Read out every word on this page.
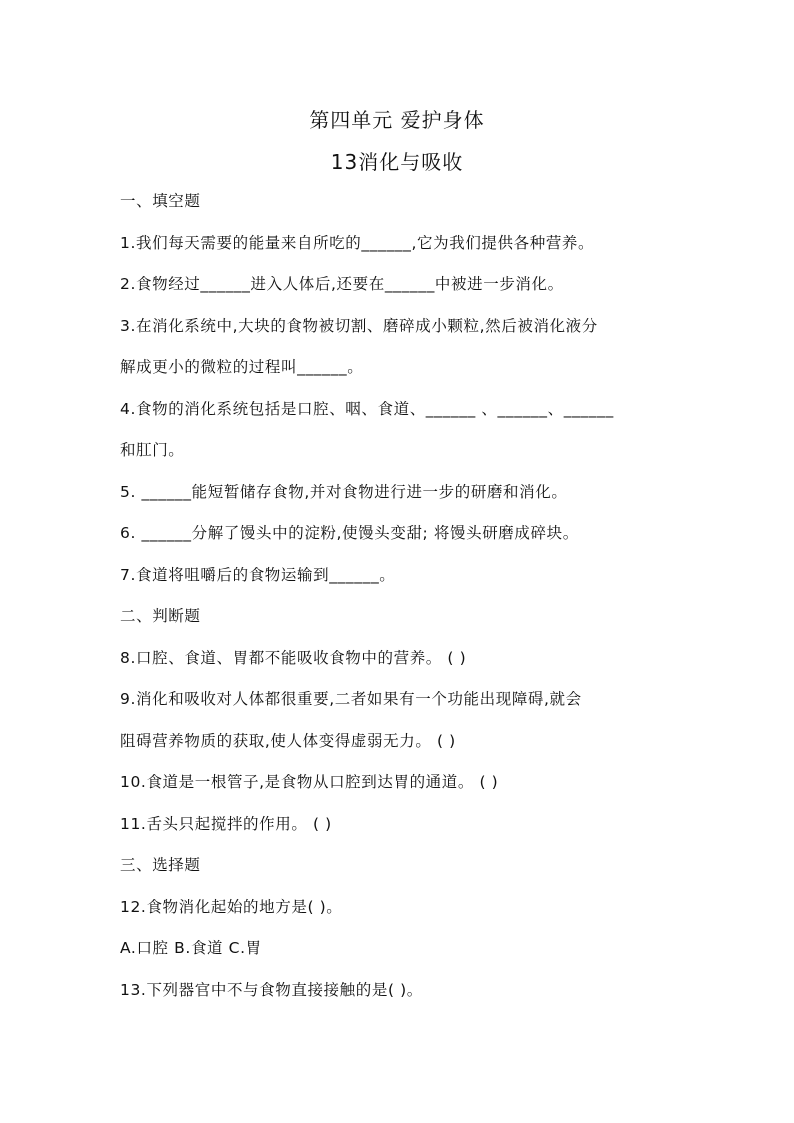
第四单元 爱护身体
13消化与吸收
一、填空题
1.我们每天需要的能量来自所吃的______,它为我们提供各种营养。
2.食物经过______进入人体后,还要在______中被进一步消化。
3.在消化系统中,大块的食物被切割、磨碎成小颗粒,然后被消化液分
解成更小的微粒的过程叫______。
4.食物的消化系统包括是口腔、咽、食道、______ 、______、______
和肛门。
5. ______能短暂储存食物,并对食物进行进一步的研磨和消化。
6. ______分解了馒头中的淀粉,使馒头变甜; 将馒头研磨成碎块。
7.食道将咀嚼后的食物运输到______。
二、判断题
8.口腔、食道、胃都不能吸收食物中的营养。 ( )
9.消化和吸收对人体都很重要,二者如果有一个功能出现障碍,就会
阻碍营养物质的获取,使人体变得虚弱无力。 ( )
10.食道是一根管子,是食物从口腔到达胃的通道。 ( )
11.舌头只起搅拌的作用。 ( )
三、选择题
12.食物消化起始的地方是( )。
A.口腔 B.食道 C.胃
13.下列器官中不与食物直接接触的是( )。
